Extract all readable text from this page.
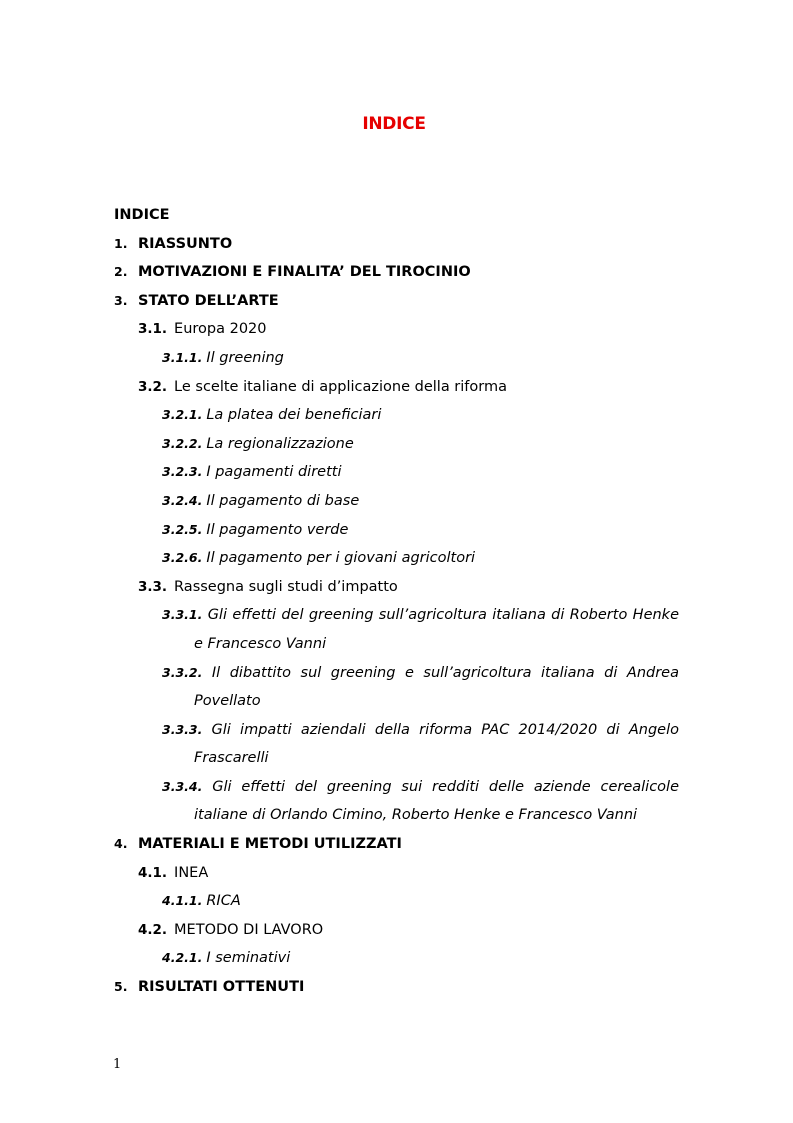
INDICE
INDICE
1. RIASSUNTO
2. MOTIVAZIONI E FINALITA’ DEL TIROCINIO
3. STATO DELL’ARTE
3.1. Europa 2020
3.1.1. Il greening
3.2. Le scelte italiane di applicazione della riforma
3.2.1. La platea dei beneficiari
3.2.2. La regionalizzazione
3.2.3. I pagamenti diretti
3.2.4. Il pagamento di base
3.2.5. Il pagamento verde
3.2.6. Il pagamento per i giovani agricoltori
3.3. Rassegna sugli studi d’impatto
3.3.1. Gli effetti del greening sull’agricoltura italiana di Roberto Henke
e Francesco Vanni
3.3.2. Il dibattito sul greening e sull’agricoltura italiana di Andrea
Povellato
3.3.3. Gli impatti aziendali della riforma PAC 2014/2020 di Angelo
Frascarelli
3.3.4. Gli effetti del greening sui redditi delle aziende cerealicole
italiane di Orlando Cimino, Roberto Henke e Francesco Vanni
4. MATERIALI E METODI UTILIZZATI
4.1. INEA
4.1.1. RICA
4.2. METODO DI LAVORO
4.2.1. I seminativi
5. RISULTATI OTTENUTI
1
